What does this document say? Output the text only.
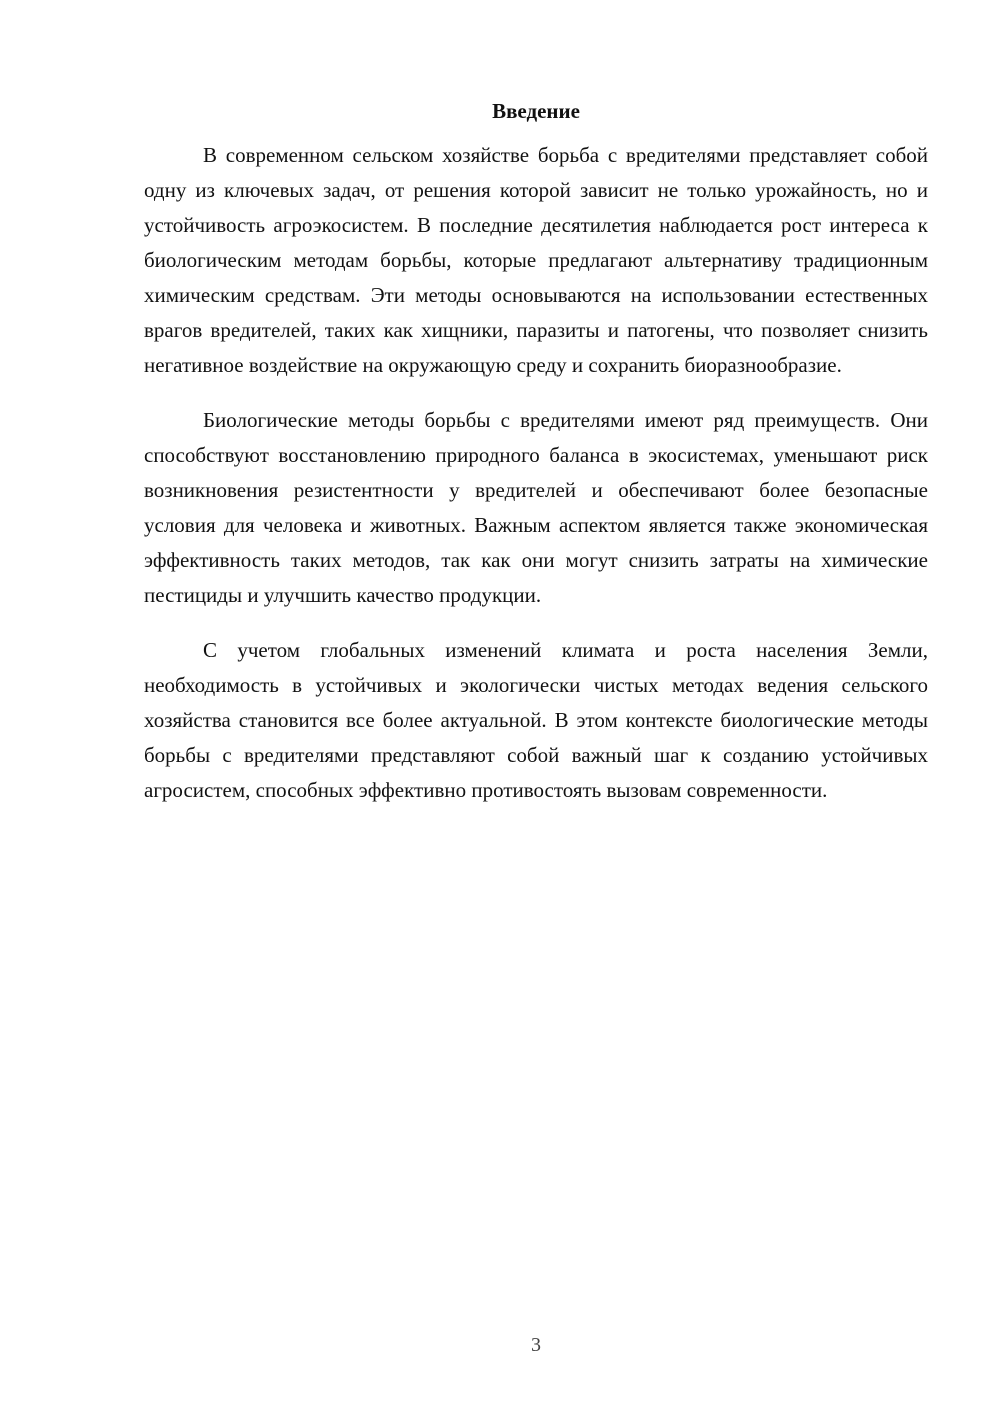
Введение

В современном сельском хозяйстве борьба с вредителями представляет собой одну из ключевых задач, от решения которой зависит не только урожайность, но и устойчивость агроэкосистем. В последние десятилетия наблюдается рост интереса к биологическим методам борьбы, которые предлагают альтернативу традиционным химическим средствам. Эти методы основываются на использовании естественных врагов вредителей, таких как хищники, паразиты и патогены, что позволяет снизить негативное воздействие на окружающую среду и сохранить биоразнообразие.

Биологические методы борьбы с вредителями имеют ряд преимуществ. Они способствуют восстановлению природного баланса в экосистемах, уменьшают риск возникновения резистентности у вредителей и обеспечивают более безопасные условия для человека и животных. Важным аспектом является также экономическая эффективность таких методов, так как они могут снизить затраты на химические пестициды и улучшить качество продукции.

С учетом глобальных изменений климата и роста населения Земли, необходимость в устойчивых и экологически чистых методах ведения сельского хозяйства становится все более актуальной. В этом контексте биологические методы борьбы с вредителями представляют собой важный шаг к созданию устойчивых агросистем, способных эффективно противостоять вызовам современности.

3
